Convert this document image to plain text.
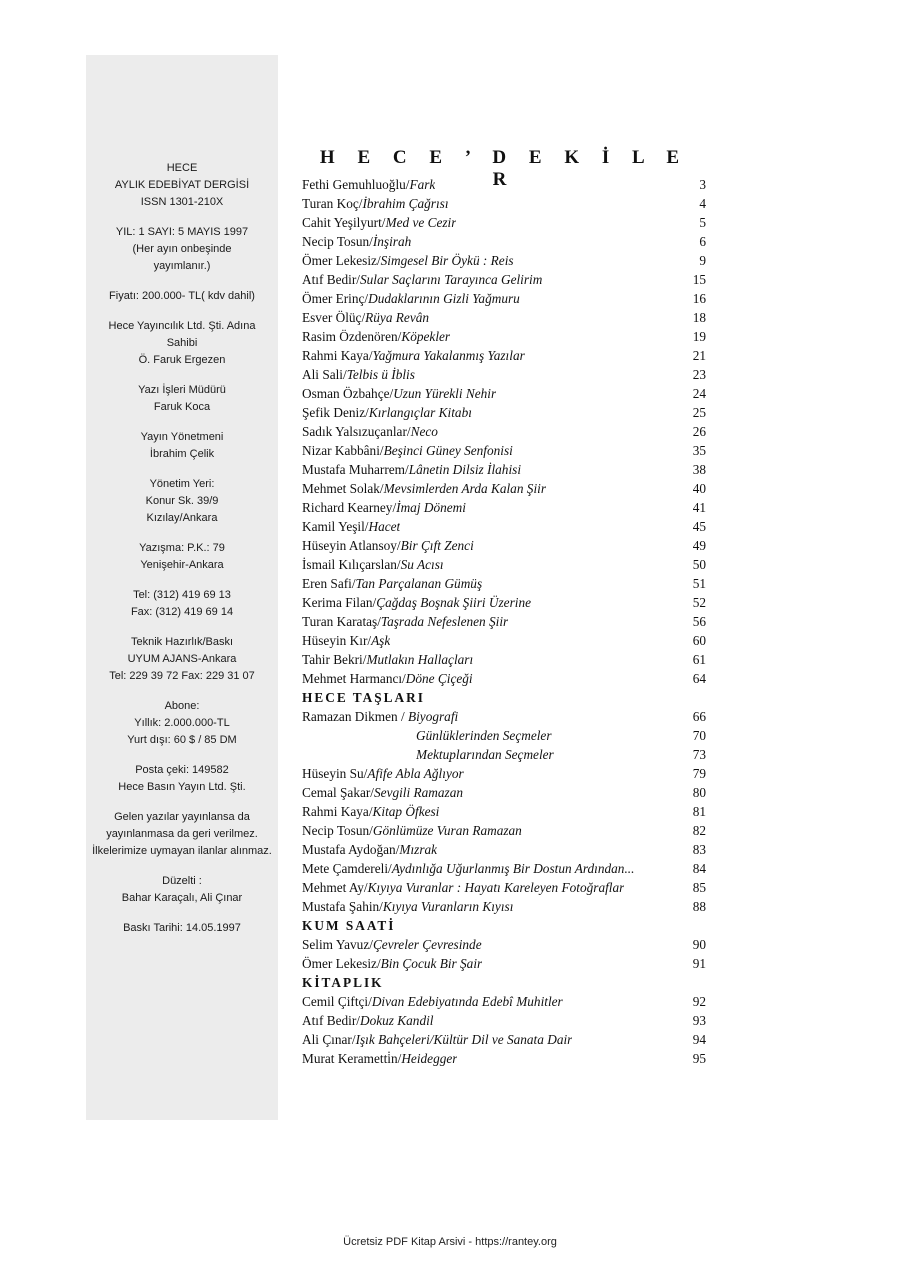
HECE
AYLIK EDEBİYAT DERGİSİ
ISSN 1301-210X
YIL: 1 SAYI: 5 MAYIS 1997
(Her ayın onbeşinde
yayımlanır.)
Fiyatı: 200.000- TL( kdv dahil)
Hece Yayıncılık Ltd. Şti. Adına
Sahibi
Ö. Faruk Ergezen
Yazı İşleri Müdürü
Faruk Koca
Yayın Yönetmeni
İbrahim Çelik
Yönetim Yeri:
Konur Sk. 39/9
Kızılay/Ankara
Yazışma: P.K.: 79
Yenişehir-Ankara
Tel: (312) 419 69 13
Fax: (312) 419 69 14
Teknik Hazırlık/Baskı
UYUM AJANS-Ankara
Tel: 229 39 72 Fax: 229 31 07
Abone:
Yıllık: 2.000.000-TL
Yurt dışı: 60 $ / 85 DM
Posta çeki: 149582
Hece Basın Yayın Ltd. Şti.
Gelen yazılar yayınlansa da yayınlanmasa da geri verilmez. İlkelerimize uymayan ilanlar alınmaz.
Düzelti :
Bahar Karaçalı, Ali Çınar
Baskı Tarihi: 14.05.1997
H E C E ’ D E K İ L E R
Fethi Gemuhluoğlu/Fark	3
Turan Koç/İbrahim Çağrısı	4
Cahit Yeşilyurt/Med ve Cezir	5
Necip Tosun/İnşirah	6
Ömer Lekesiz/Simgesel Bir Öykü : Reis	9
Atıf Bedir/Sular Saçlarını Tarayınca Gelirim	15
Ömer Erinç/Dudaklarının Gizli Yağmuru	16
Esver Ölüç/Rüya Revân	18
Rasim Özdenören/Köpekler	19
Rahmi Kaya/Yağmura Yakalanmış Yazılar	21
Ali Sali/Telbis ü İblis	23
Osman Özbahçe/Uzun Yürekli Nehir	24
Şefik Deniz/Kırlangıçlar Kitabı	25
Sadık Yalsızuçanlar/Neco	26
Nizar Kabbâni/Beşinci Güney Senfonisi	35
Mustafa Muharrem/Lânetin Dilsiz İlahisi	38
Mehmet Solak/Mevsimlerden Arda Kalan Şiir	40
Richard Kearney/İmaj Dönemi	41
Kamil Yeşil/Hacet	45
Hüseyin Atlansoy/Bir Çıft Zenci	49
İsmail Kılıçarslan/Su Acısı	50
Eren Safi/Tan Parçalanan Gümüş	51
Kerima Filan/Çağdaş Boşnak Şiiri Üzerine	52
Turan Karataş/Taşrada Nefeslenen Şiir	56
Hüseyin Kır/Aşk	60
Tahir Bekri/Mutlakın Hallaçları	61
Mehmet Harmancı/Döne Çiçeği	64
HECE TAŞLARI
Ramazan Dikmen / Biyografi	66
Günlüklerinden Seçmeler	70
Mektuplarından Seçmeler	73
Hüseyin Su/Afife Abla Ağlıyor	79
Cemal Şakar/Sevgili Ramazan	80
Rahmi Kaya/Kitap Öfkesi	81
Necip Tosun/Gönlümüze Vuran Ramazan	82
Mustafa Aydoğan/Mızrak	83
Mete Çamdereli/Aydınlığa Uğurlanmış Bir Dostun Ardından...	84
Mehmet Ay/Kıyıya Vuranlar : Hayatı Kareleyen Fotoğraflar	85
Mustafa Şahin/Kıyıya Vuranların Kıyısı	88
KUM SAATİ
Selim Yavuz/Çevreler Çevresinde	90
Ömer Lekesiz/Bin Çocuk Bir Şair	91
KİTAPLIK
Cemil Çiftçi/Divan Edebiyatında Edebî Muhitler	92
Atıf Bedir/Dokuz Kandil	93
Ali Çınar/Işık Bahçeleri/Kültür Dil ve Sanata Dair	94
Murat Kerametti̇n/Heidegger	95
Ücretsiz PDF Kitap Arsivi - https://rantey.org
